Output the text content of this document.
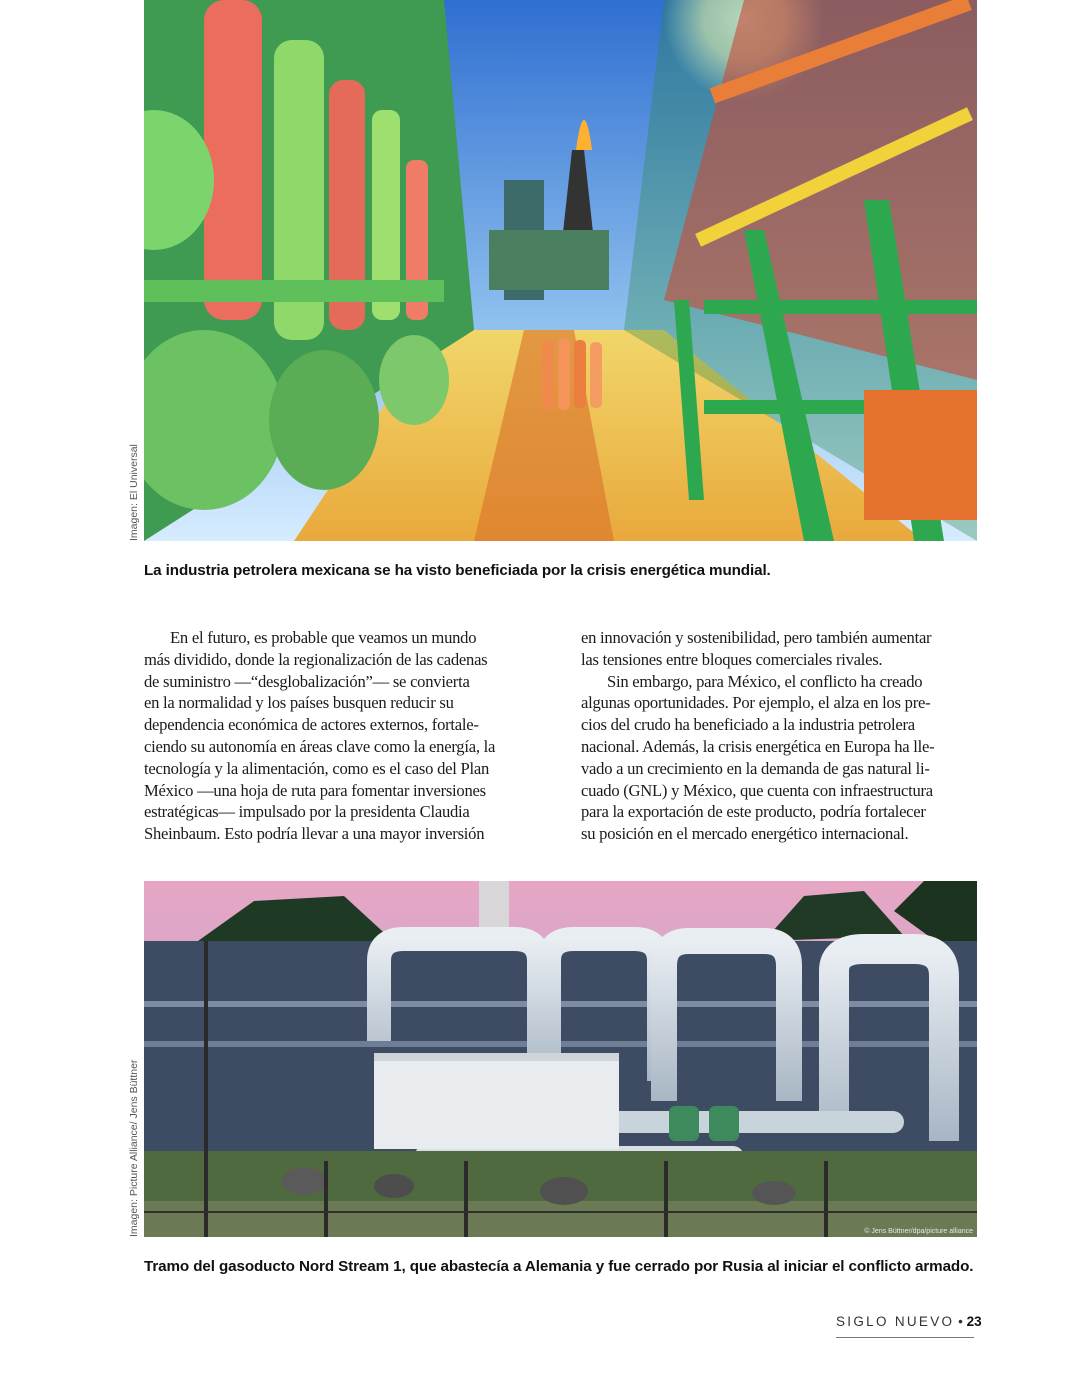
Imagen: El Universal
La industria petrolera mexicana se ha visto beneficiada por la crisis energética mundial.
En el futuro, es probable que veamos un mundo
más dividido, donde la regionalización de las cadenas
de suministro —“desglobalización”— se convierta
en la normalidad y los países busquen reducir su
dependencia económica de actores externos, fortale-
ciendo su autonomía en áreas clave como la energía, la
tecnología y la alimentación, como es el caso del Plan
México —una hoja de ruta para fomentar inversiones
estratégicas— impulsado por la presidenta Claudia
Sheinbaum. Esto podría llevar a una mayor inversión
en innovación y sostenibilidad, pero también aumentar
las tensiones entre bloques comerciales rivales.
Sin embargo, para México, el conflicto ha creado
algunas oportunidades. Por ejemplo, el alza en los pre-
cios del crudo ha beneficiado a la industria petrolera
nacional. Además, la crisis energética en Europa ha lle-
vado a un crecimiento en la demanda de gas natural li-
cuado (GNL) y México, que cuenta con infraestructura
para la exportación de este producto, podría fortalecer
su posición en el mercado energético internacional.
© Jens Büttner/dpa/picture alliance
Imagen: Picture Alliance/ Jens Büttner
Tramo del gasoducto Nord Stream 1, que abastecía a Alemania y fue cerrado por Rusia al iniciar el conflicto armado.
SIGLO NUEVO • 23
